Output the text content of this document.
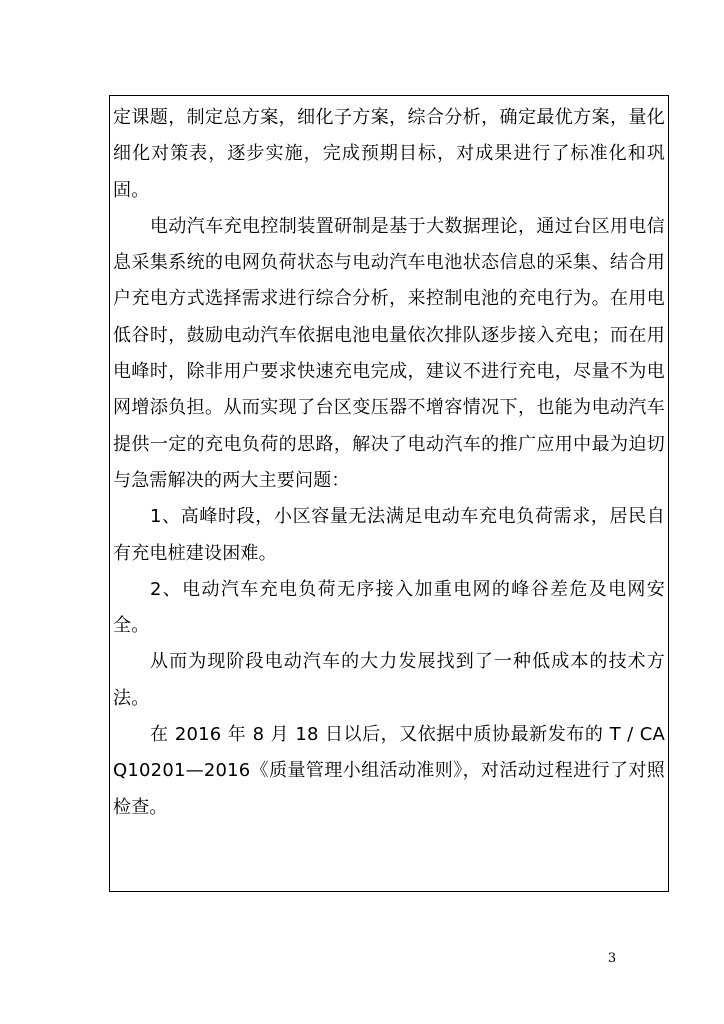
定课题，制定总方案，细化子方案，综合分析，确定最优方案，量化细化对策表，逐步实施，完成预期目标，对成果进行了标准化和巩固。

电动汽车充电控制装置研制是基于大数据理论，通过台区用电信息采集系统的电网负荷状态与电动汽车电池状态信息的采集、结合用户充电方式选择需求进行综合分析，来控制电池的充电行为。在用电低谷时，鼓励电动汽车依据电池电量依次排队逐步接入充电；而在用电峰时，除非用户要求快速充电完成，建议不进行充电，尽量不为电网增添负担。从而实现了台区变压器不增容情况下，也能为电动汽车提供一定的充电负荷的思路，解决了电动汽车的推广应用中最为迫切与急需解决的两大主要问题：

1、高峰时段，小区容量无法满足电动车充电负荷需求，居民自有充电桩建设困难。

2、电动汽车充电负荷无序接入加重电网的峰谷差危及电网安全。

从而为现阶段电动汽车的大力发展找到了一种低成本的技术方法。

在 2016 年 8 月 18 日以后，又依据中质协最新发布的 T / CAQ10201—2016《质量管理小组活动准则》，对活动过程进行了对照检查。

3
